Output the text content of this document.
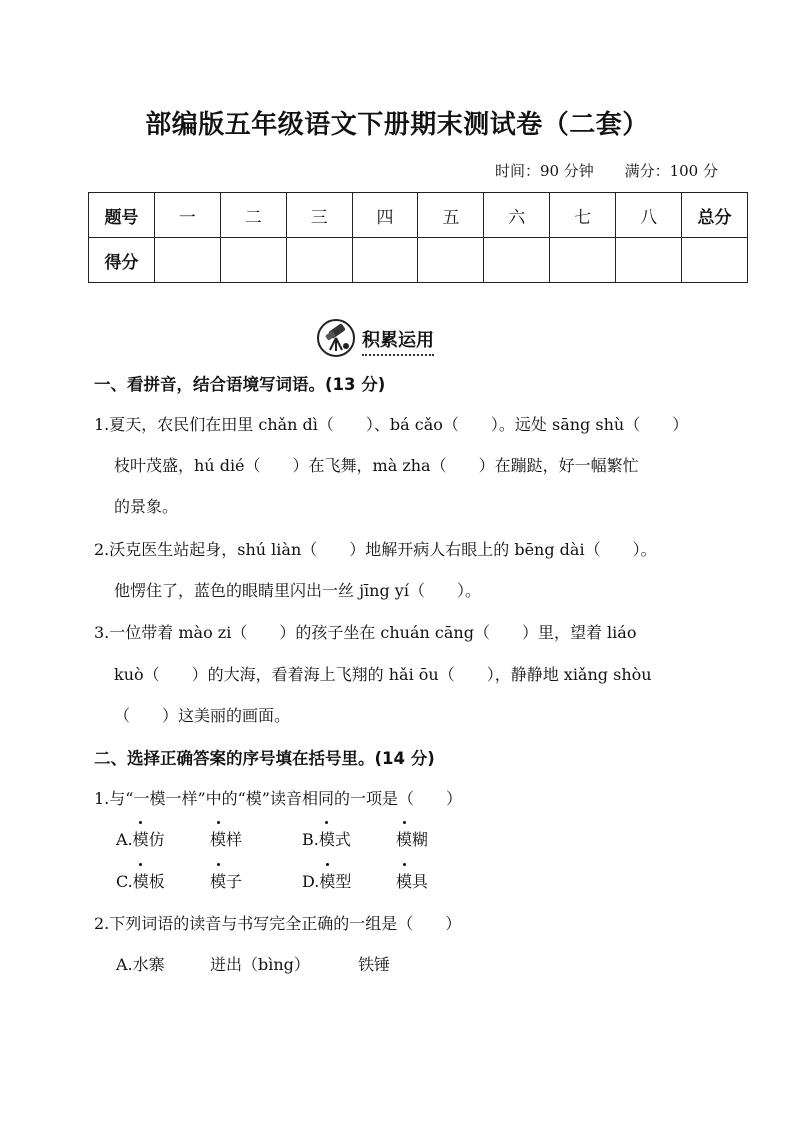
部编版五年级语文下册期末测试卷（二套）
时间：90 分钟 满分：100 分
题号	一	二	三	四	五	六	七	八	总分
得分									
积累运用
一、看拼音，结合语境写词语。(13 分)
1.夏天，农民们在田里 chǎn dì（　　）、bá cǎo（　　）。远处 sāng shù（　　）
枝叶茂盛，hú dié（　　）在飞舞，mà zha（　　）在蹦跶，好一幅繁忙
的景象。
2.沃克医生站起身，shú liàn（　　）地解开病人右眼上的 bēng dài（　　）。
他愣住了，蓝色的眼睛里闪出一丝 jīng yí（　　）。
3.一位带着 mào zi（　　）的孩子坐在 chuán cāng（　　）里，望着 liáo
kuò（　　）的大海，看着海上飞翔的 hǎi ōu（　　），静静地 xiǎng shòu
（　　）这美丽的画面。
二、选择正确答案的序号填在括号里。(14 分)
1.与“一模一样”中的“模”读音相同的一项是（　　）
A.模仿	模样	B.模式	模糊
C.模板	模子	D.模型	模具
2.下列词语的读音与书写完全正确的一组是（　　）
A.水寨	迸出（bìng）	铁锤
